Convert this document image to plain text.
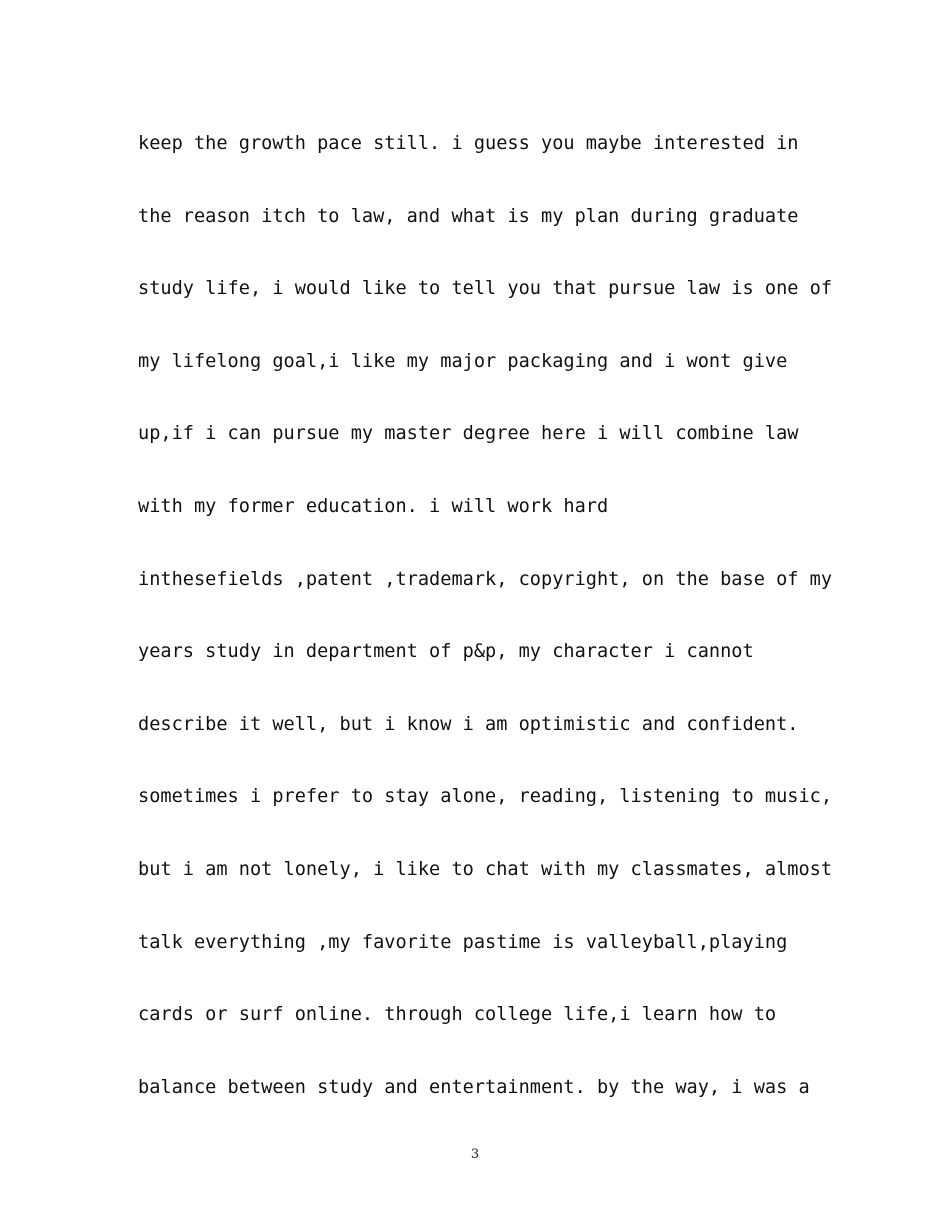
keep the growth pace still. i guess you maybe interested in
the reason itch to law, and what is my plan during graduate
study life, i would like to tell you that pursue law is one of
my lifelong goal,i like my major packaging and i wont give
up,if i can pursue my master degree here i will combine law
with my former education. i will work hard
inthesefields ,patent ,trademark, copyright, on the base of my
years study in department of p&p, my character i cannot
describe it well, but i know i am optimistic and confident.
sometimes i prefer to stay alone, reading, listening to music,
but i am not lonely, i like to chat with my classmates, almost
talk everything ,my favorite pastime is valleyball,playing
cards or surf online. through college life,i learn how to
balance between study and entertainment. by the way, i was a
3
